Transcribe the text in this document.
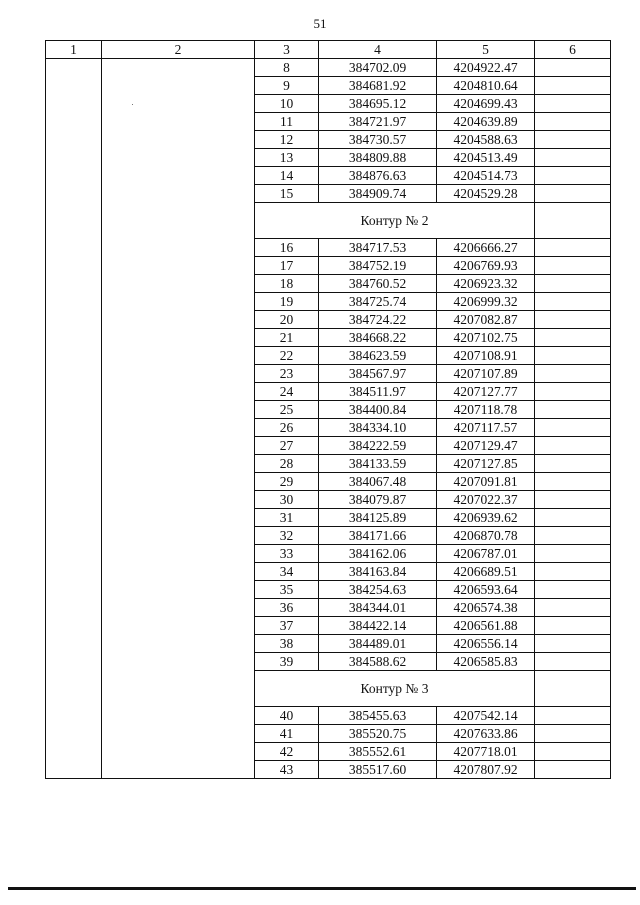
51
1	2	3	4	5	6
		8	384702.09	4204922.47	
		9	384681.92	4204810.64	
		10	384695.12	4204699.43	
		11	384721.97	4204639.89	
		12	384730.57	4204588.63	
		13	384809.88	4204513.49	
		14	384876.63	4204514.73	
		15	384909.74	4204529.28	
		Контур № 2			
		16	384717.53	4206666.27	
		17	384752.19	4206769.93	
		18	384760.52	4206923.32	
		19	384725.74	4206999.32	
		20	384724.22	4207082.87	
		21	384668.22	4207102.75	
		22	384623.59	4207108.91	
		23	384567.97	4207107.89	
		24	384511.97	4207127.77	
		25	384400.84	4207118.78	
		26	384334.10	4207117.57	
		27	384222.59	4207129.47	
		28	384133.59	4207127.85	
		29	384067.48	4207091.81	
		30	384079.87	4207022.37	
		31	384125.89	4206939.62	
		32	384171.66	4206870.78	
		33	384162.06	4206787.01	
		34	384163.84	4206689.51	
		35	384254.63	4206593.64	
		36	384344.01	4206574.38	
		37	384422.14	4206561.88	
		38	384489.01	4206556.14	
		39	384588.62	4206585.83	
		Контур № 3			
		40	385455.63	4207542.14	
		41	385520.75	4207633.86	
		42	385552.61	4207718.01	
		43	385517.60	4207807.92	
